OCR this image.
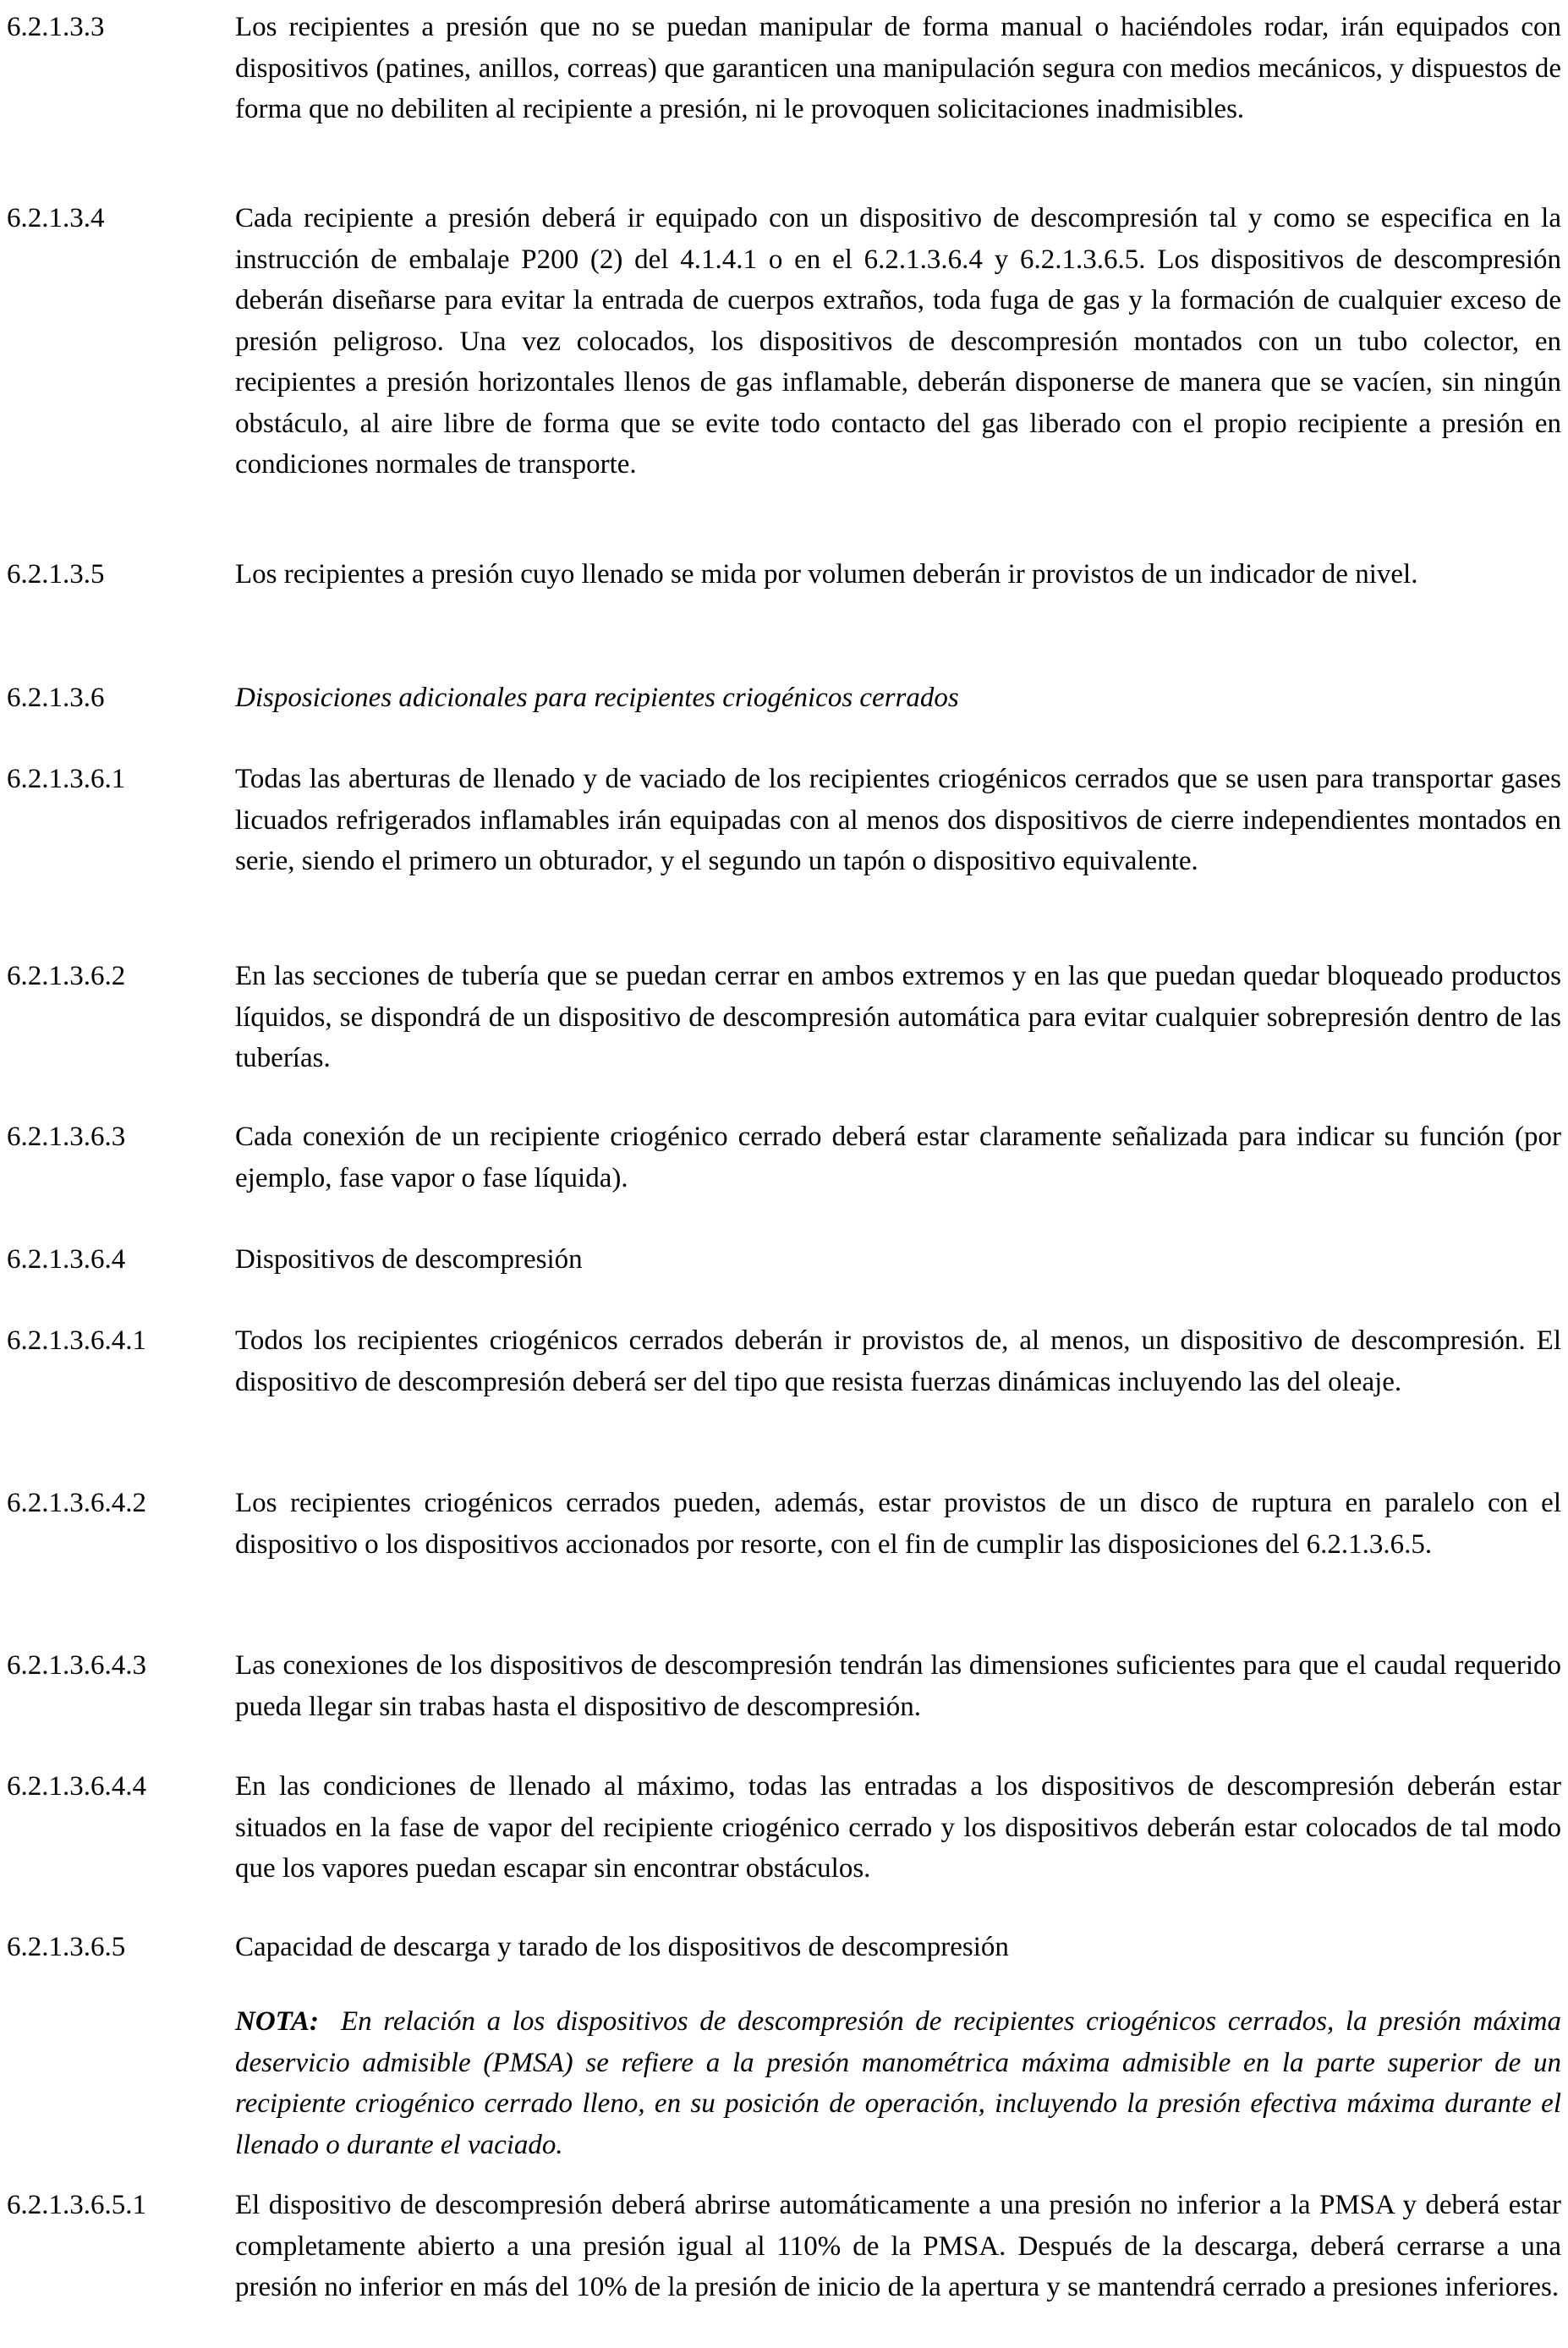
6.2.1.3.3	Los recipientes a presión que no se puedan manipular de forma manual o haciéndoles rodar, irán equipados con dispositivos (patines, anillos, correas) que garanticen una manipulación segura con medios mecánicos, y dispuestos de forma que no debiliten al recipiente a presión, ni le provoquen solicitaciones inadmisibles.
6.2.1.3.4	Cada recipiente a presión deberá ir equipado con un dispositivo de descompresión tal y como se especifica en la instrucción de embalaje P200 (2) del 4.1.4.1 o en el 6.2.1.3.6.4 y 6.2.1.3.6.5. Los dispositivos de descompresión deberán diseñarse para evitar la entrada de cuerpos extraños, toda fuga de gas y la formación de cualquier exceso de presión peligroso. Una vez colocados, los dispositivos de descompresión montados con un tubo colector, en recipientes a presión horizontales llenos de gas inflamable, deberán disponerse de manera que se vacíen, sin ningún obstáculo, al aire libre de forma que se evite todo contacto del gas liberado con el propio recipiente a presión en condiciones normales de transporte.
6.2.1.3.5	Los recipientes a presión cuyo llenado se mida por volumen deberán ir provistos de un indicador de nivel.
6.2.1.3.6	Disposiciones adicionales para recipientes criogénicos cerrados
6.2.1.3.6.1	Todas las aberturas de llenado y de vaciado de los recipientes criogénicos cerrados que se usen para transportar gases licuados refrigerados inflamables irán equipadas con al menos dos dispositivos de cierre independientes montados en serie, siendo el primero un obturador, y el segundo un tapón o dispositivo equivalente.
6.2.1.3.6.2	En las secciones de tubería que se puedan cerrar en ambos extremos y en las que puedan quedar bloqueado productos líquidos, se dispondrá de un dispositivo de descompresión automática para evitar cualquier sobrepresión dentro de las tuberías.
6.2.1.3.6.3	Cada conexión de un recipiente criogénico cerrado deberá estar claramente señalizada para indicar su función (por ejemplo, fase vapor o fase líquida).
6.2.1.3.6.4	Dispositivos de descompresión
6.2.1.3.6.4.1	Todos los recipientes criogénicos cerrados deberán ir provistos de, al menos, un dispositivo de descompresión. El dispositivo de descompresión deberá ser del tipo que resista fuerzas dinámicas incluyendo las del oleaje.
6.2.1.3.6.4.2	Los recipientes criogénicos cerrados pueden, además, estar provistos de un disco de ruptura en paralelo con el dispositivo o los dispositivos accionados por resorte, con el fin de cumplir las disposiciones del 6.2.1.3.6.5.
6.2.1.3.6.4.3	Las conexiones de los dispositivos de descompresión tendrán las dimensiones suficientes para que el caudal requerido pueda llegar sin trabas hasta el dispositivo de descompresión.
6.2.1.3.6.4.4	En las condiciones de llenado al máximo, todas las entradas a los dispositivos de descompresión deberán estar situados en la fase de vapor del recipiente criogénico cerrado y los dispositivos deberán estar colocados de tal modo que los vapores puedan escapar sin encontrar obstáculos.
6.2.1.3.6.5	Capacidad de descarga y tarado de los dispositivos de descompresión
NOTA: En relación a los dispositivos de descompresión de recipientes criogénicos cerrados, la presión máxima deservicio admisible (PMSA) se refiere a la presión manométrica máxima admisible en la parte superior de un recipiente criogénico cerrado lleno, en su posición de operación, incluyendo la presión efectiva máxima durante el llenado o durante el vaciado.
6.2.1.3.6.5.1	El dispositivo de descompresión deberá abrirse automáticamente a una presión no inferior a la PMSA y deberá estar completamente abierto a una presión igual al 110% de la PMSA. Después de la descarga, deberá cerrarse a una presión no inferior en más del 10% de la presión de inicio de la apertura y se mantendrá cerrado a presiones inferiores.
